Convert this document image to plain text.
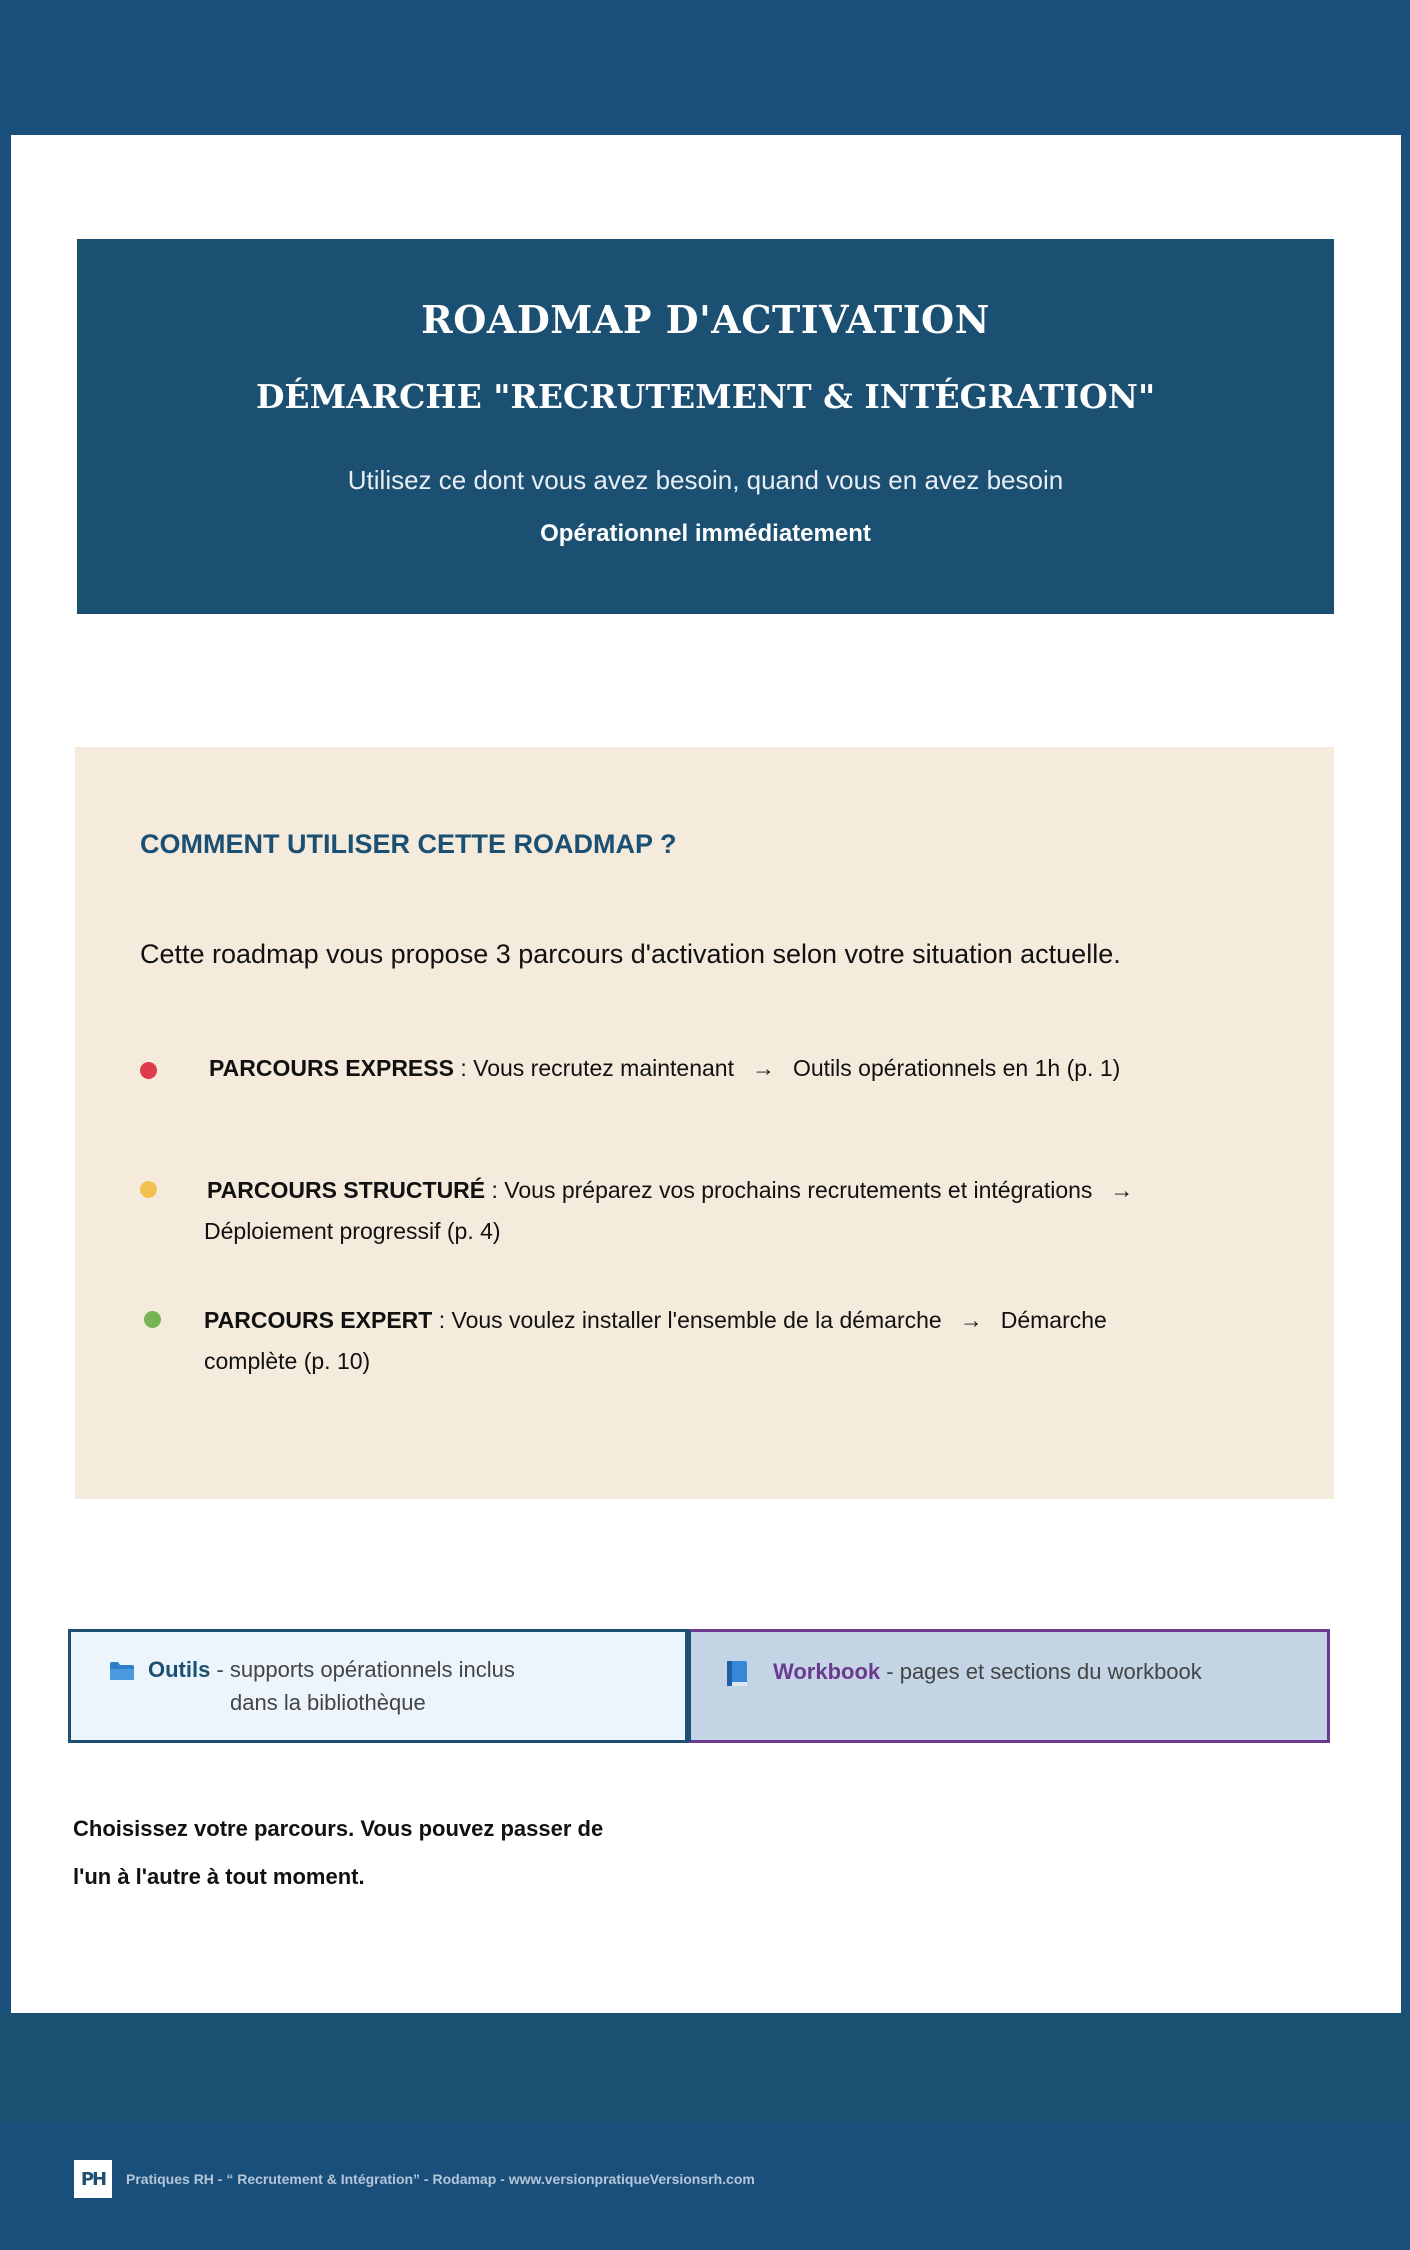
ROADMAP D'ACTIVATION
DÉMARCHE "RECRUTEMENT & INTÉGRATION"
Utilisez ce dont vous avez besoin, quand vous en avez besoin
Opérationnel immédiatement
COMMENT UTILISER CETTE ROADMAP ?
Cette roadmap vous propose 3 parcours d'activation selon votre situation actuelle.
PARCOURS EXPRESS : Vous recrutez maintenant → Outils opérationnels en 1h (p. 1)
PARCOURS STRUCTURÉ : Vous préparez vos prochains recrutements et intégrations →
Déploiement progressif (p. 4)
PARCOURS EXPERT : Vous voulez installer l'ensemble de la démarche → Démarche
complète (p. 10)
Outils - supports opérationnels inclus
dans la bibliothèque
Workbook - pages et sections du workbook
Choisissez votre parcours. Vous pouvez passer de
l'un à l'autre à tout moment.
PH	Pratiques RH - “ Recrutement & Intégration” - Rodamap - www.versionpratiqueVersionsrh.com
